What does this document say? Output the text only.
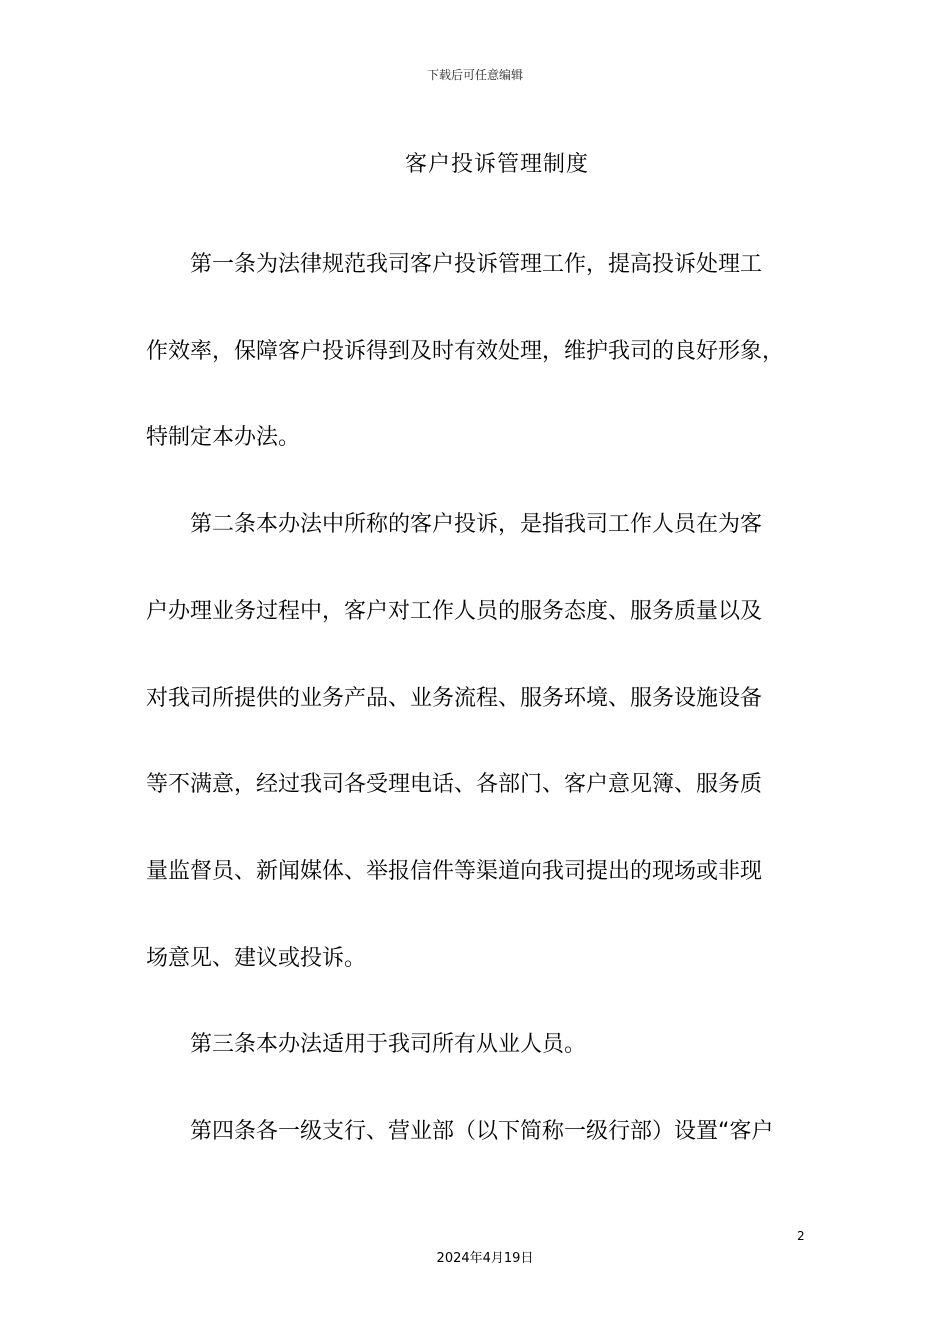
下载后可任意编辑
客户投诉管理制度

第一条为法律规范我司客户投诉管理工作，提高投诉处理工
作效率，保障客户投诉得到及时有效处理，维护我司的良好形象，
特制定本办法。

第二条本办法中所称的客户投诉，是指我司工作人员在为客
户办理业务过程中，客户对工作人员的服务态度、服务质量以及
对我司所提供的业务产品、业务流程、服务环境、服务设施设备
等不满意，经过我司各受理电话、各部门、客户意见簿、服务质
量监督员、新闻媒体、举报信件等渠道向我司提出的现场或非现
场意见、建议或投诉。

第三条本办法适用于我司所有从业人员。

第四条各一级支行、营业部（以下简称一级行部）设置“客户

2
2024年4月19日
